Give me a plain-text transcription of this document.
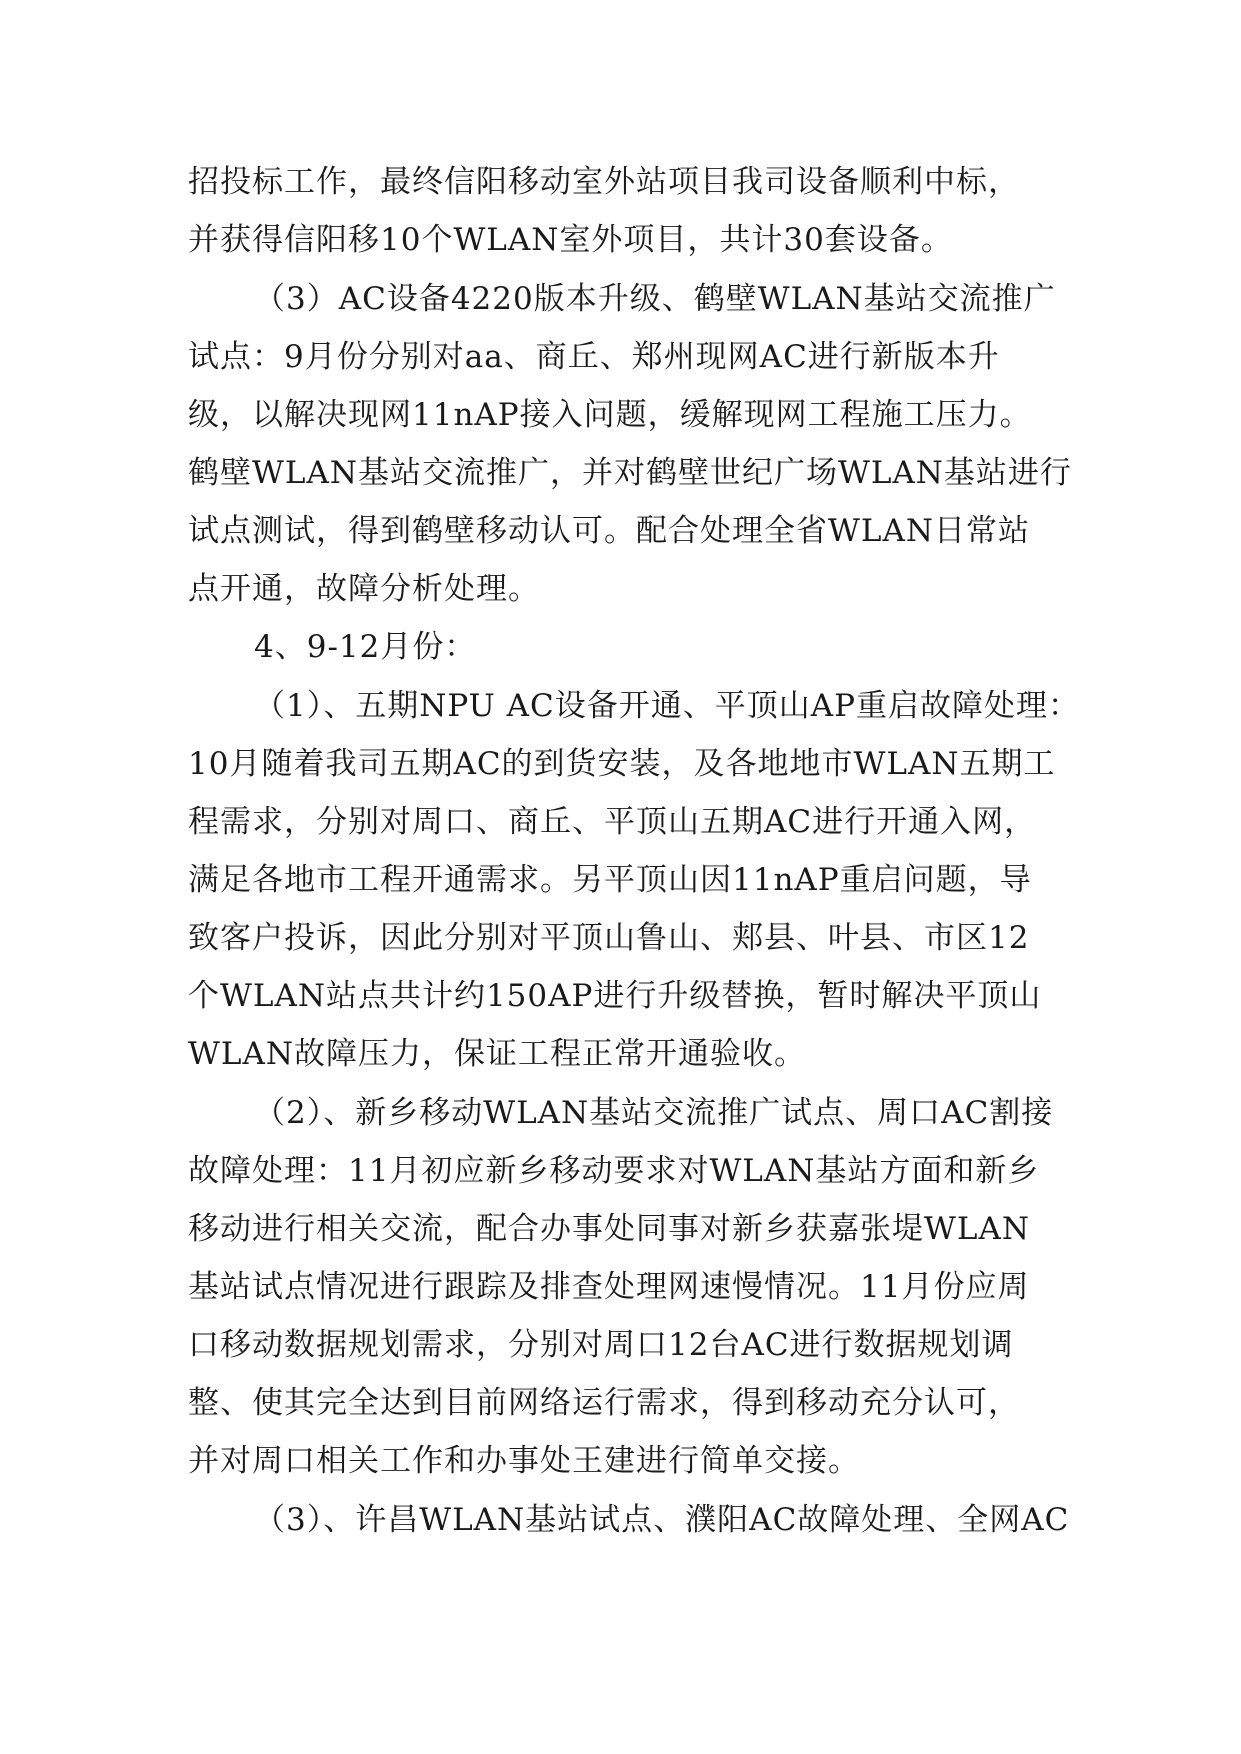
招投标工作，最终信阳移动室外站项目我司设备顺利中标，
并获得信阳移10个WLAN室外项目，共计30套设备。
（3）AC设备4220版本升级、鹤壁WLAN基站交流推广
试点：9月份分别对aa、商丘、郑州现网AC进行新版本升
级，以解决现网11nAP接入问题，缓解现网工程施工压力。
鹤壁WLAN基站交流推广，并对鹤壁世纪广场WLAN基站进行
试点测试，得到鹤壁移动认可。配合处理全省WLAN日常站
点开通，故障分析处理。
4、9-12月份：
（1）、五期NPU AC设备开通、平顶山AP重启故障处理：
10月随着我司五期AC的到货安装，及各地地市WLAN五期工
程需求，分别对周口、商丘、平顶山五期AC进行开通入网，
满足各地市工程开通需求。另平顶山因11nAP重启问题，导
致客户投诉，因此分别对平顶山鲁山、郏县、叶县、市区12
个WLAN站点共计约150AP进行升级替换，暂时解决平顶山
WLAN故障压力，保证工程正常开通验收。
（2）、新乡移动WLAN基站交流推广试点、周口AC割接
故障处理：11月初应新乡移动要求对WLAN基站方面和新乡
移动进行相关交流，配合办事处同事对新乡获嘉张堤WLAN
基站试点情况进行跟踪及排查处理网速慢情况。11月份应周
口移动数据规划需求，分别对周口12台AC进行数据规划调
整、使其完全达到目前网络运行需求，得到移动充分认可，
并对周口相关工作和办事处王建进行简单交接。
（3）、许昌WLAN基站试点、濮阳AC故障处理、全网AC
